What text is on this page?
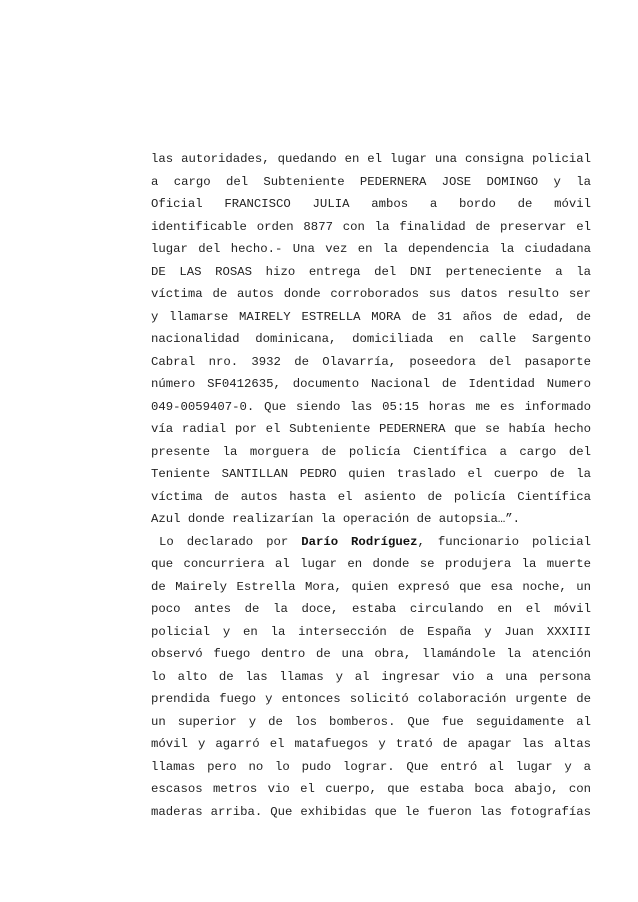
las autoridades, quedando en el lugar una consigna policial
a cargo del Subteniente PEDERNERA JOSE DOMINGO y la
Oficial FRANCISCO JULIA ambos a bordo de móvil
identificable orden 8877 con la finalidad de preservar el
lugar del hecho.- Una vez en la dependencia la ciudadana
DE LAS ROSAS hizo entrega del DNI perteneciente a la
víctima de autos donde corroborados sus datos resulto ser
y llamarse MAIRELY ESTRELLA MORA de 31 años de edad, de
nacionalidad dominicana, domiciliada en calle Sargento
Cabral nro. 3932 de Olavarría, poseedora del pasaporte
número SF0412635, documento Nacional de Identidad Numero
049-0059407-0. Que siendo las 05:15 horas me es informado
vía radial por el Subteniente PEDERNERA que se había hecho
presente la morguera de policía Científica a cargo del
Teniente SANTILLAN PEDRO quien traslado el cuerpo de la
víctima de autos hasta el asiento de policía Científica
Azul donde realizarían la operación de autopsia…”.
Lo declarado por Darío Rodríguez, funcionario policial
que concurriera al lugar en donde se produjera la muerte
de Mairely Estrella Mora, quien expresó que esa noche, un
poco antes de la doce, estaba circulando en el móvil
policial y en la intersección de España y Juan XXXIII
observó fuego dentro de una obra, llamándole la atención
lo alto de las llamas y al ingresar vio a una persona
prendida fuego y entonces solicitó colaboración urgente de
un superior y de los bomberos. Que fue seguidamente al
móvil y agarró el matafuegos y trató de apagar las altas
llamas pero no lo pudo lograr. Que entró al lugar y a
escasos metros vio el cuerpo, que estaba boca abajo, con
maderas arriba. Que exhibidas que le fueron las fotografías
